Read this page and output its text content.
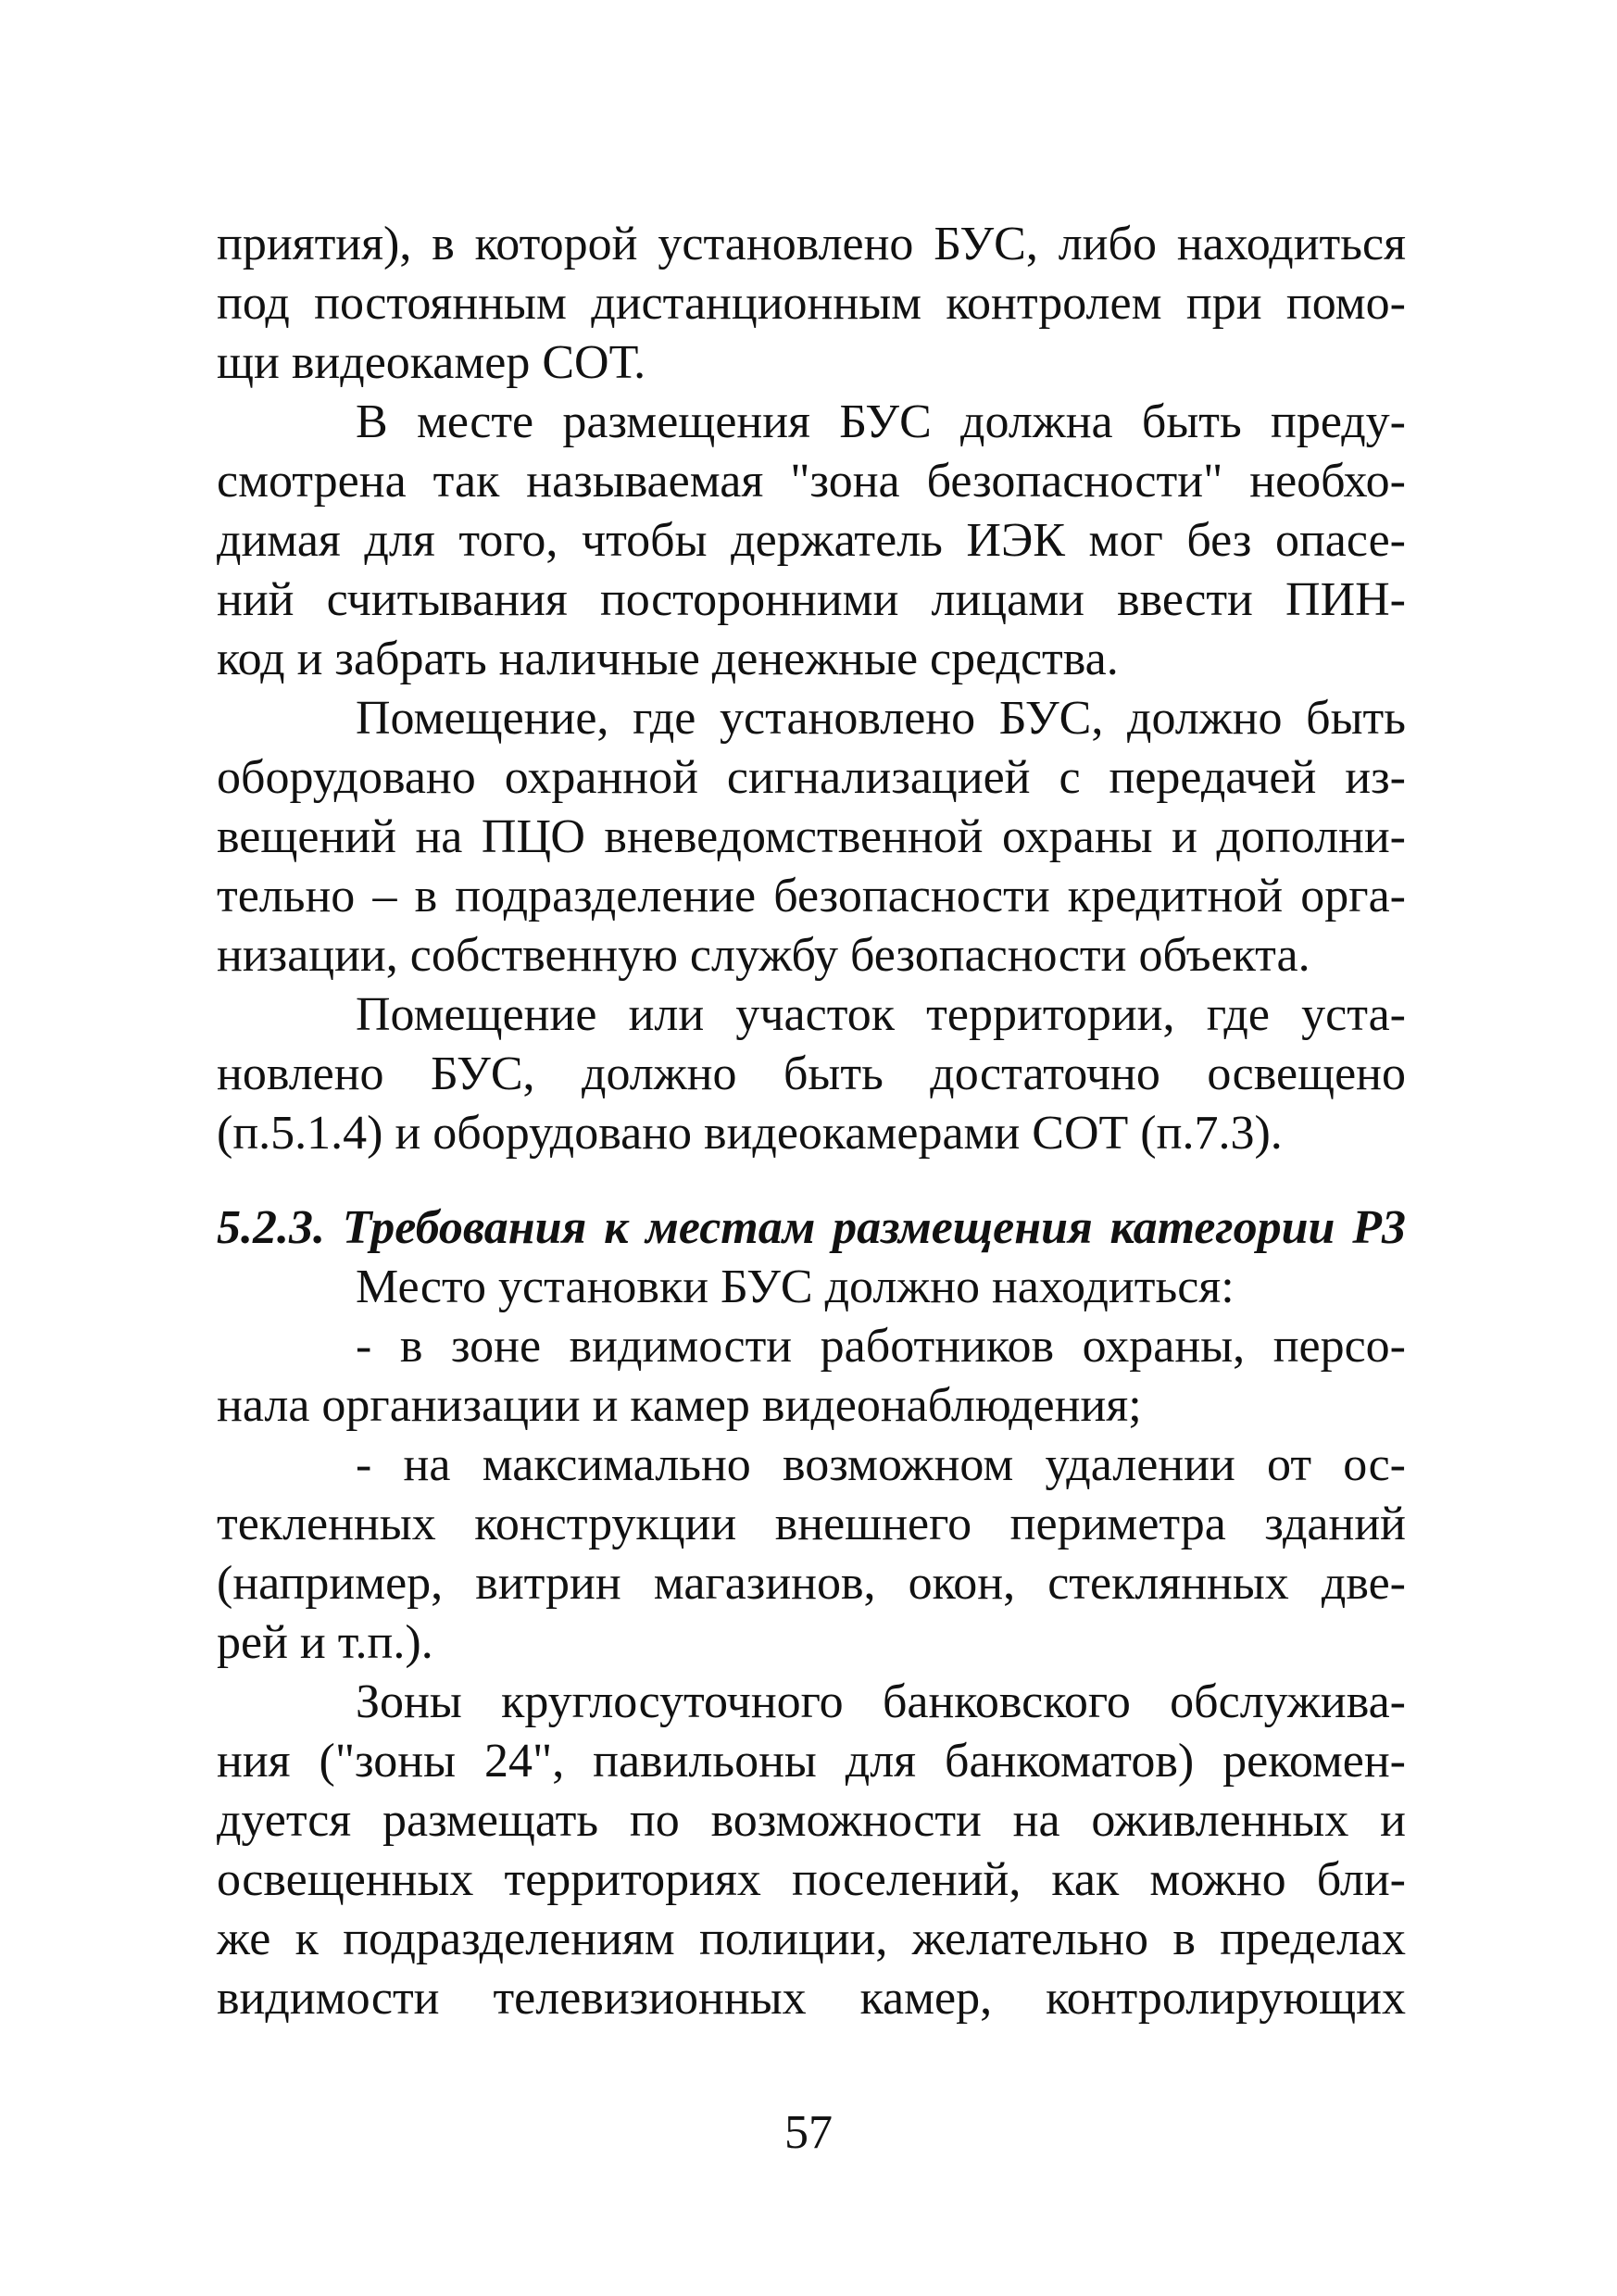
приятия), в которой установлено БУС, либо находиться
под постоянным дистанционным контролем при помо-
щи видеокамер СОТ.
В месте размещения БУС должна быть преду-
смотрена так называемая "зона безопасности" необхо-
димая для того, чтобы держатель ИЭК мог без опасе-
ний считывания посторонними лицами ввести ПИН-
код и забрать наличные денежные средства.
Помещение, где установлено БУС, должно быть
оборудовано охранной сигнализацией с передачей из-
вещений на ПЦО вневедомственной охраны и дополни-
тельно – в подразделение безопасности кредитной орга-
низации, собственную службу безопасности объекта.
Помещение или участок территории, где уста-
новлено БУС, должно быть достаточно освещено
(п.5.1.4) и оборудовано видеокамерами СОТ (п.7.3).
5.2.3. Требования к местам размещения категории Р3
Место установки БУС должно находиться:
- в зоне видимости работников охраны, персо-
нала организации и камер видеонаблюдения;
- на максимально возможном удалении от ос-
текленных конструкции внешнего периметра зданий
(например, витрин магазинов, окон, стеклянных две-
рей и т.п.).
Зоны круглосуточного банковского обслужива-
ния ("зоны 24", павильоны для банкоматов) рекомен-
дуется размещать по возможности на оживленных и
освещенных территориях поселений, как можно бли-
же к подразделениям полиции, желательно в пределах
видимости телевизионных камер, контролирующих
57
